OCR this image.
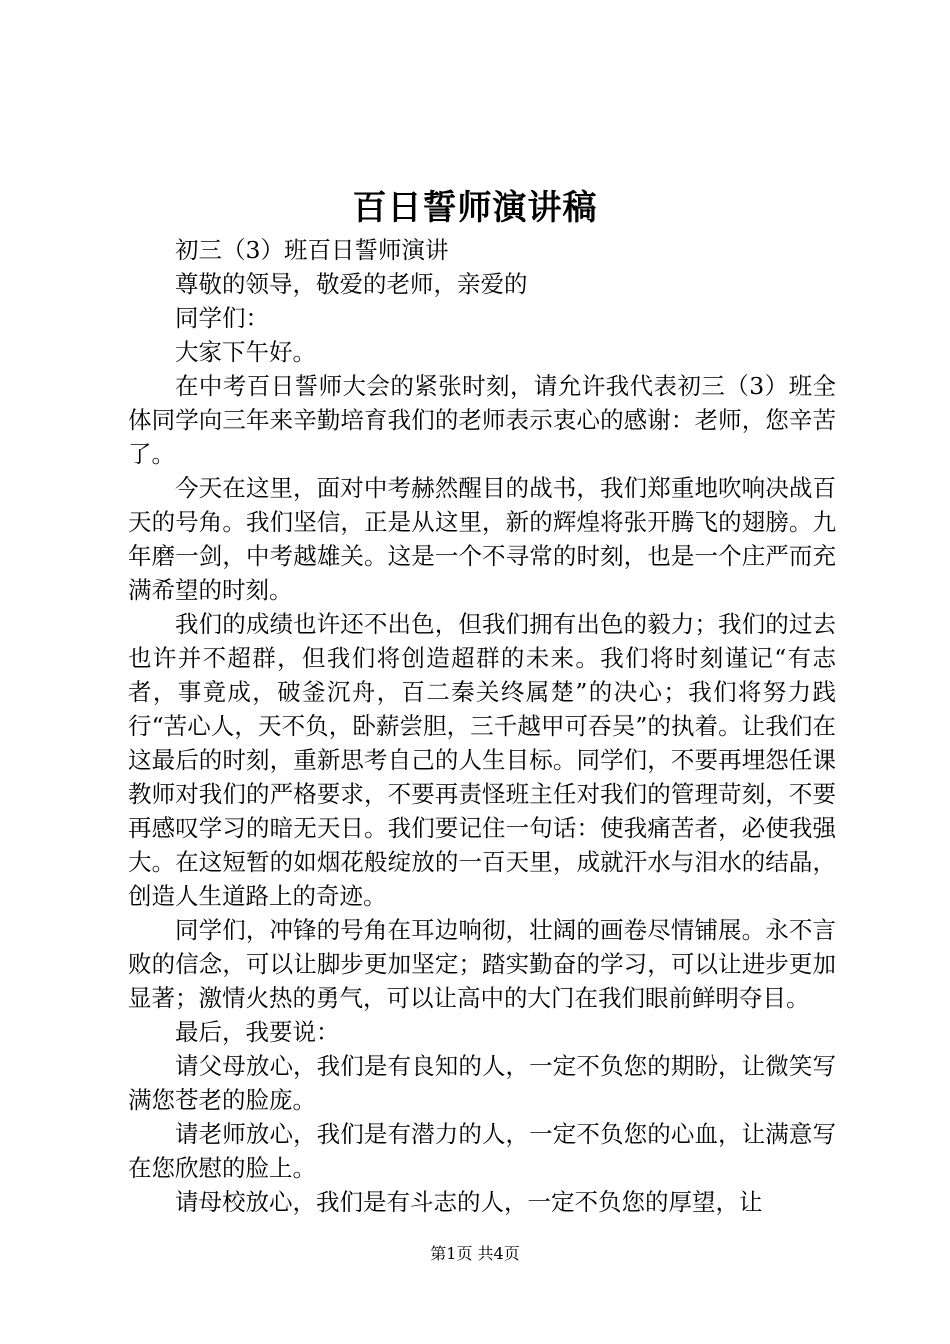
百日誓师演讲稿

初三（3）班百日誓师演讲

尊敬的领导，敬爱的老师，亲爱的

同学们：

大家下午好。

在中考百日誓师大会的紧张时刻，请允许我代表初三（3）班全体同学向三年来辛勤培育我们的老师表示衷心的感谢：老师，您辛苦了。

今天在这里，面对中考赫然醒目的战书，我们郑重地吹响决战百天的号角。我们坚信，正是从这里，新的辉煌将张开腾飞的翅膀。九年磨一剑，中考越雄关。这是一个不寻常的时刻，也是一个庄严而充满希望的时刻。

我们的成绩也许还不出色，但我们拥有出色的毅力；我们的过去也许并不超群，但我们将创造超群的未来。我们将时刻谨记“有志者，事竟成，破釜沉舟，百二秦关终属楚”的决心；我们将努力践行“苦心人，天不负，卧薪尝胆，三千越甲可吞吴”的执着。让我们在这最后的时刻，重新思考自己的人生目标。同学们，不要再埋怨任课教师对我们的严格要求，不要再责怪班主任对我们的管理苛刻，不要再感叹学习的暗无天日。我们要记住一句话：使我痛苦者，必使我强大。在这短暂的如烟花般绽放的一百天里，成就汗水与泪水的结晶，创造人生道路上的奇迹。

同学们，冲锋的号角在耳边响彻，壮阔的画卷尽情铺展。永不言败的信念，可以让脚步更加坚定；踏实勤奋的学习，可以让进步更加显著；激情火热的勇气，可以让高中的大门在我们眼前鲜明夺目。

最后，我要说：

请父母放心，我们是有良知的人，一定不负您的期盼，让微笑写满您苍老的脸庞。

请老师放心，我们是有潜力的人，一定不负您的心血，让满意写在您欣慰的脸上。

请母校放心，我们是有斗志的人，一定不负您的厚望，让

第1页 共4页
